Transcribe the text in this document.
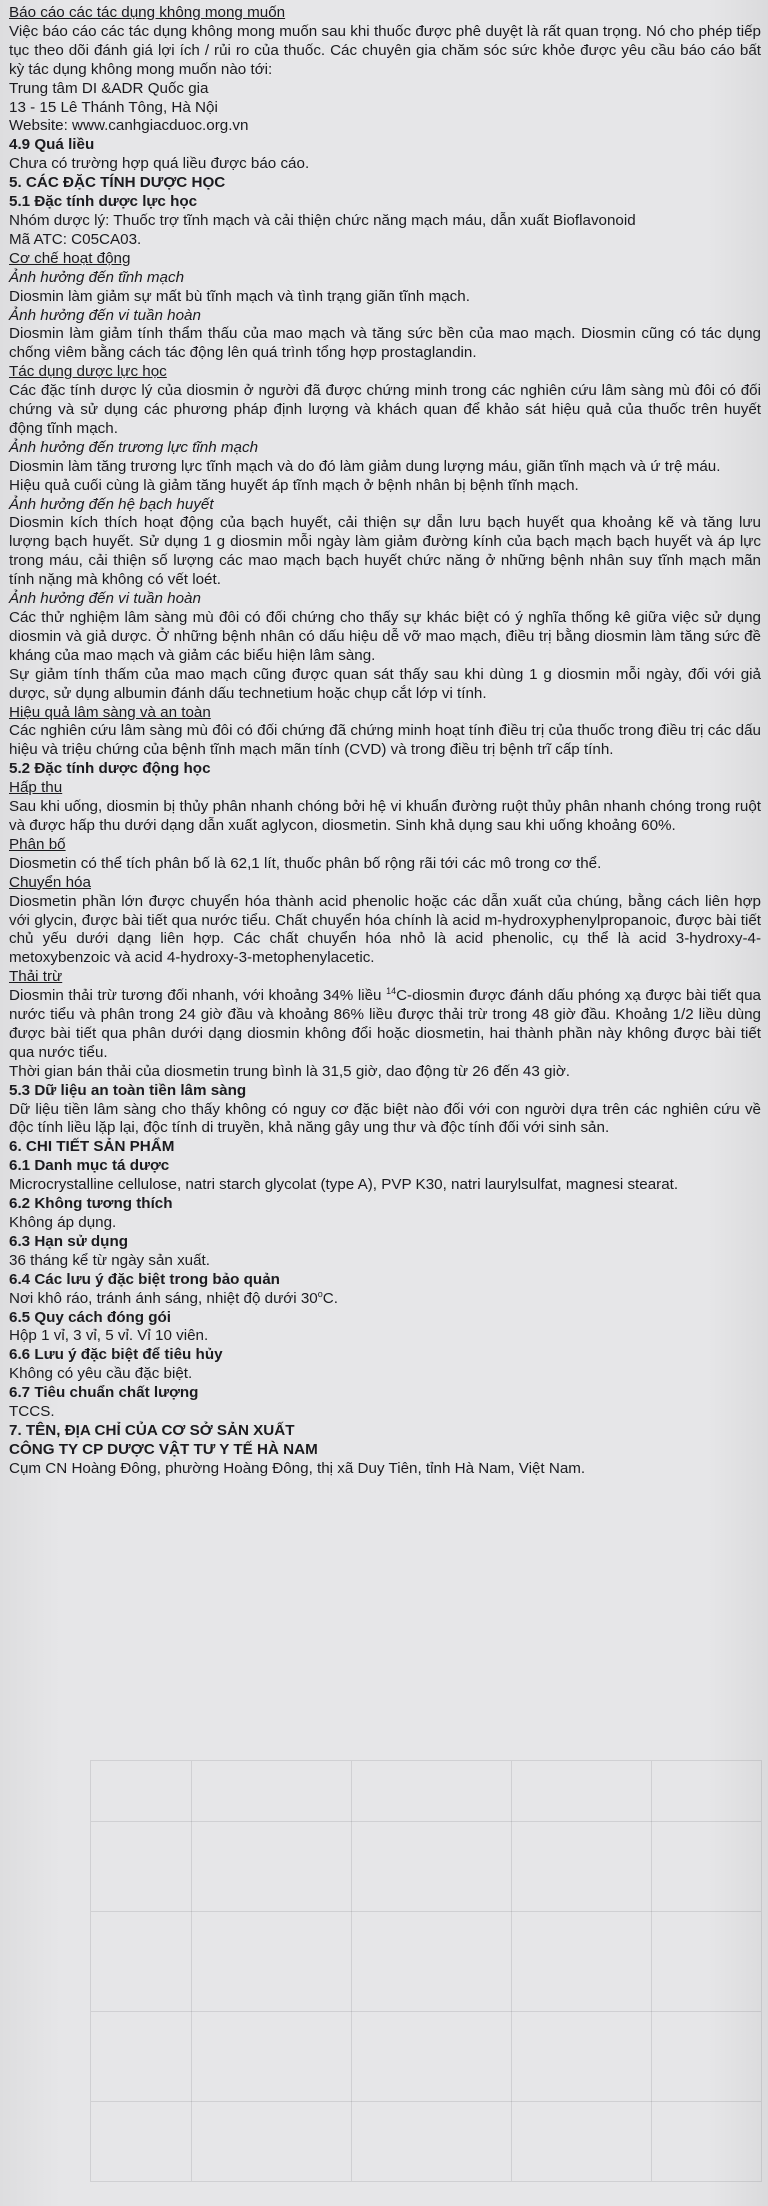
Báo cáo các tác dụng không mong muốn

Việc báo cáo các tác dụng không mong muốn sau khi thuốc được phê duyệt là rất quan trọng. Nó cho phép tiếp tục theo dõi đánh giá lợi ích / rủi ro của thuốc. Các chuyên gia chăm sóc sức khỏe được yêu cầu báo cáo bất kỳ tác dụng không mong muốn nào tới:

Trung tâm DI &ADR Quốc gia
13 - 15 Lê Thánh Tông, Hà Nội
Website: www.canhgiacduoc.org.vn
4.9 Quá liều
Chưa có trường hợp quá liều được báo cáo.
5. CÁC ĐẶC TÍNH DƯỢC HỌC
5.1 Đặc tính dược lực học
Nhóm dược lý: Thuốc trợ tĩnh mạch và cải thiện chức năng mạch máu, dẫn xuất Bioflavonoid
Mã ATC: C05CA03.
Cơ chế hoạt động
Ảnh hưởng đến tĩnh mạch
Diosmin làm giảm sự mất bù tĩnh mạch và tình trạng giãn tĩnh mạch.
Ảnh hưởng đến vi tuần hoàn

Diosmin làm giảm tính thẩm thấu của mao mạch và tăng sức bền của mao mạch. Diosmin cũng có tác dụng chống viêm bằng cách tác động lên quá trình tổng hợp prostaglandin.

Tác dụng dược lực học

Các đặc tính dược lý của diosmin ở người đã được chứng minh trong các nghiên cứu lâm sàng mù đôi có đối chứng và sử dụng các phương pháp định lượng và khách quan để khảo sát hiệu quả của thuốc trên huyết động tĩnh mạch.

Ảnh hưởng đến trương lực tĩnh mạch

Diosmin làm tăng trương lực tĩnh mạch và do đó làm giảm dung lượng máu, giãn tĩnh mạch và ứ trệ máu.

Hiệu quả cuối cùng là giảm tăng huyết áp tĩnh mạch ở bệnh nhân bị bệnh tĩnh mạch.
Ảnh hưởng đến hệ bạch huyết

Diosmin kích thích hoạt động của bạch huyết, cải thiện sự dẫn lưu bạch huyết qua khoảng kẽ và tăng lưu lượng bạch huyết. Sử dụng 1 g diosmin mỗi ngày làm giảm đường kính của bạch mạch bạch huyết và áp lực trong máu, cải thiện số lượng các mao mạch bạch huyết chức năng ở những bệnh nhân suy tĩnh mạch mãn tính nặng mà không có vết loét.

Ảnh hưởng đến vi tuần hoàn

Các thử nghiệm lâm sàng mù đôi có đối chứng cho thấy sự khác biệt có ý nghĩa thống kê giữa việc sử dụng diosmin và giả dược. Ở những bệnh nhân có dấu hiệu dễ vỡ mao mạch, điều trị bằng diosmin làm tăng sức đề kháng của mao mạch và giảm các biểu hiện lâm sàng.

Sự giảm tính thấm của mao mạch cũng được quan sát thấy sau khi dùng 1 g diosmin mỗi ngày, đối với giả dược, sử dụng albumin đánh dấu technetium hoặc chụp cắt lớp vi tính.

Hiệu quả lâm sàng và an toàn

Các nghiên cứu lâm sàng mù đôi có đối chứng đã chứng minh hoạt tính điều trị của thuốc trong điều trị các dấu hiệu và triệu chứng của bệnh tĩnh mạch mãn tính (CVD) và trong điều trị bệnh trĩ cấp tính.

5.2 Đặc tính dược động học
Hấp thu

Sau khi uống, diosmin bị thủy phân nhanh chóng bởi hệ vi khuẩn đường ruột thủy phân nhanh chóng trong ruột và được hấp thu dưới dạng dẫn xuất aglycon, diosmetin. Sinh khả dụng sau khi uống khoảng 60%.

Phân bố
Diosmetin có thể tích phân bố là 62,1 lít, thuốc phân bố rộng rãi tới các mô trong cơ thể.
Chuyển hóa

Diosmetin phần lớn được chuyển hóa thành acid phenolic hoặc các dẫn xuất của chúng, bằng cách liên hợp với glycin, được bài tiết qua nước tiểu. Chất chuyển hóa chính là acid m-hydroxyphenylpropanoic, được bài tiết chủ yếu dưới dạng liên hợp. Các chất chuyển hóa nhỏ là acid phenolic, cụ thể là acid 3-hydroxy-4-metoxybenzoic và acid 4-hydroxy-3-metophenylacetic.

Thải trừ

Diosmin thải trừ tương đối nhanh, với khoảng 34% liều $^{14}$C-diosmin được đánh dấu phóng xạ được bài tiết qua nước tiểu và phân trong 24 giờ đầu và khoảng 86% liều được thải trừ trong 48 giờ đầu. Khoảng 1/2 liều dùng được bài tiết qua phân dưới dạng diosmin không đổi hoặc diosmetin, hai thành phần này không được bài tiết qua nước tiểu.

Thời gian bán thải của diosmetin trung bình là 31,5 giờ, dao động từ 26 đến 43 giờ.
5.3 Dữ liệu an toàn tiền lâm sàng

Dữ liệu tiền lâm sàng cho thấy không có nguy cơ đặc biệt nào đối với con người dựa trên các nghiên cứu về độc tính liều lặp lại, độc tính di truyền, khả năng gây ung thư và độc tính đối với sinh sản.

6. CHI TIẾT SẢN PHẨM
6.1 Danh mục tá dược

Microcrystalline cellulose, natri starch glycolat (type A), PVP K30, natri laurylsulfat, magnesi stearat.

6.2 Không tương thích
Không áp dụng.
6.3 Hạn sử dụng
36 tháng kể từ ngày sản xuất.
6.4 Các lưu ý đặc biệt trong bảo quản
Nơi khô ráo, tránh ánh sáng, nhiệt độ dưới 30$^o$C.
6.5 Quy cách đóng gói
Hộp 1 vỉ, 3 vỉ, 5 vỉ. Vỉ 10 viên.
6.6 Lưu ý đặc biệt để tiêu hủy
Không có yêu cầu đặc biệt.
6.7 Tiêu chuẩn chất lượng
TCCS.
7. TÊN, ĐỊA CHỈ CỦA CƠ SỞ SẢN XUẤT
CÔNG TY CP DƯỢC VẬT TƯ Y TẾ HÀ NAM
Cụm CN Hoàng Đông, phường Hoàng Đông, thị xã Duy Tiên, tỉnh Hà Nam, Việt Nam.
